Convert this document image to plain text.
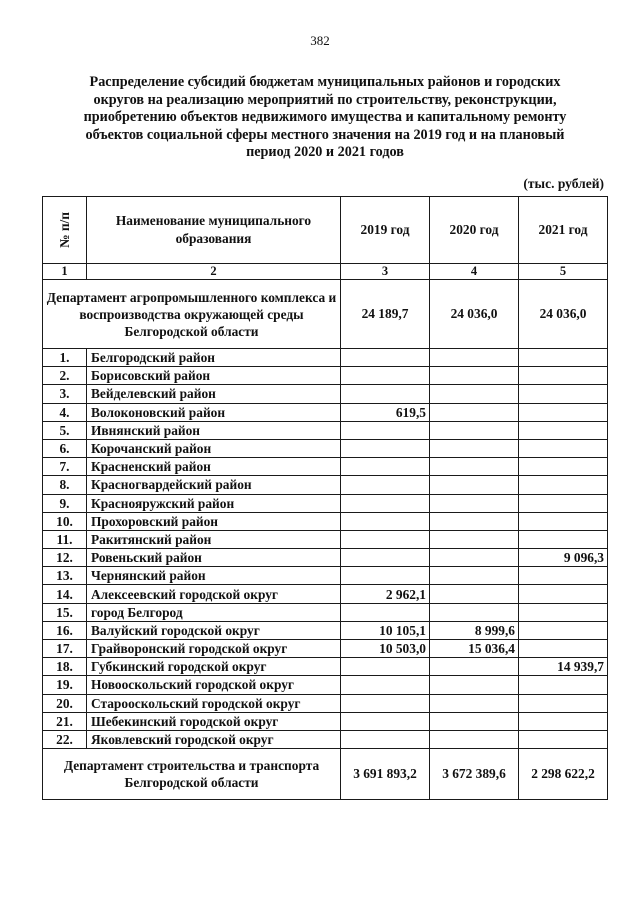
382
Распределение субсидий бюджетам муниципальных районов и городских
округов на реализацию мероприятий по строительству, реконструкции,
приобретению объектов недвижимого имущества и капитальному ремонту
объектов социальной сферы местного значения на 2019 год и на плановый
период 2020 и 2021 годов
(тыс. рублей)
№ п/п	Наименование муниципального образования	2019 год	2020 год	2021 год
1	2	3	4	5
Департамент агропромышленного комплекса и воспроизводства окружающей среды Белгородской области		24 189,7	24 036,0	24 036,0
1.	Белгородский район			
2.	Борисовский район			
3.	Вейделевский район			
4.	Волоконовский район	619,5		
5.	Ивнянский район			
6.	Корочанский район			
7.	Красненский район			
8.	Красногвардейский район			
9.	Краснояружский район			
10.	Прохоровский район			
11.	Ракитянский район			
12.	Ровеньский район			9 096,3
13.	Чернянский район			
14.	Алексеевский городской округ	2 962,1		
15.	город Белгород			
16.	Валуйский городской округ	10 105,1	8 999,6	
17.	Грайворонский городской округ	10 503,0	15 036,4	
18.	Губкинский городской округ			14 939,7
19.	Новооскольский городской округ			
20.	Старооскольский городской округ			
21.	Шебекинский городской округ			
22.	Яковлевский городской округ			
Департамент строительства и транспорта Белгородской области		3 691 893,2	3 672 389,6	2 298 622,2
